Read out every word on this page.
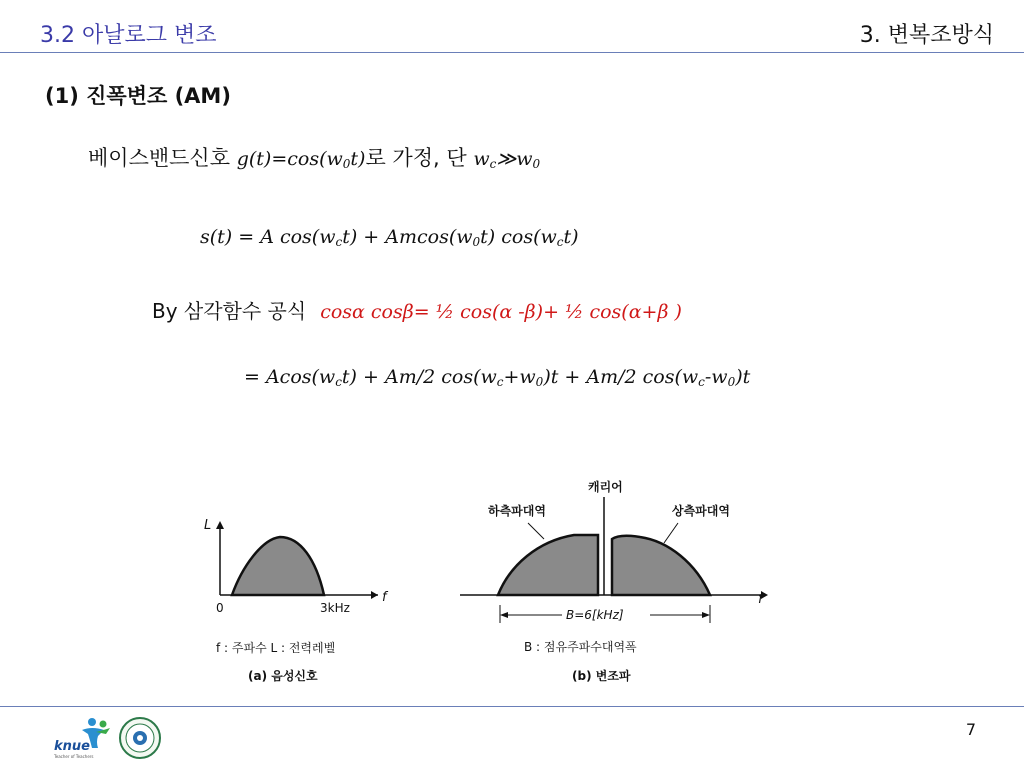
3.2 아날로그 변조	3. 변복조방식
(1) 진폭변조 (AM)
베이스밴드신호 $g(t)=\cos(w_0t)$로 가정, 단 $w_c≫w_0$
s(t) = A $\cos(w_ct) + Amcos(w_0t)$ $\cos(w_ct)$
By 삼각함수 공식 cosα cosβ= ½ cos(α -β)+ ½ cos(α+β )
= $Acos(w_ct) + Am/2$ $\cos(w_c+w_0)t + Am/2$ $\cos(w_c-w_0)t$
L
f
0	3kHz
f : 주파수 L : 전력레벨
(a) 음성신호
캐리어
하측파대역	상측파대역
B=6[kHz]
f
B : 점유주파수대역폭
(b) 변조파
knue
Teacher of Teachers
7
